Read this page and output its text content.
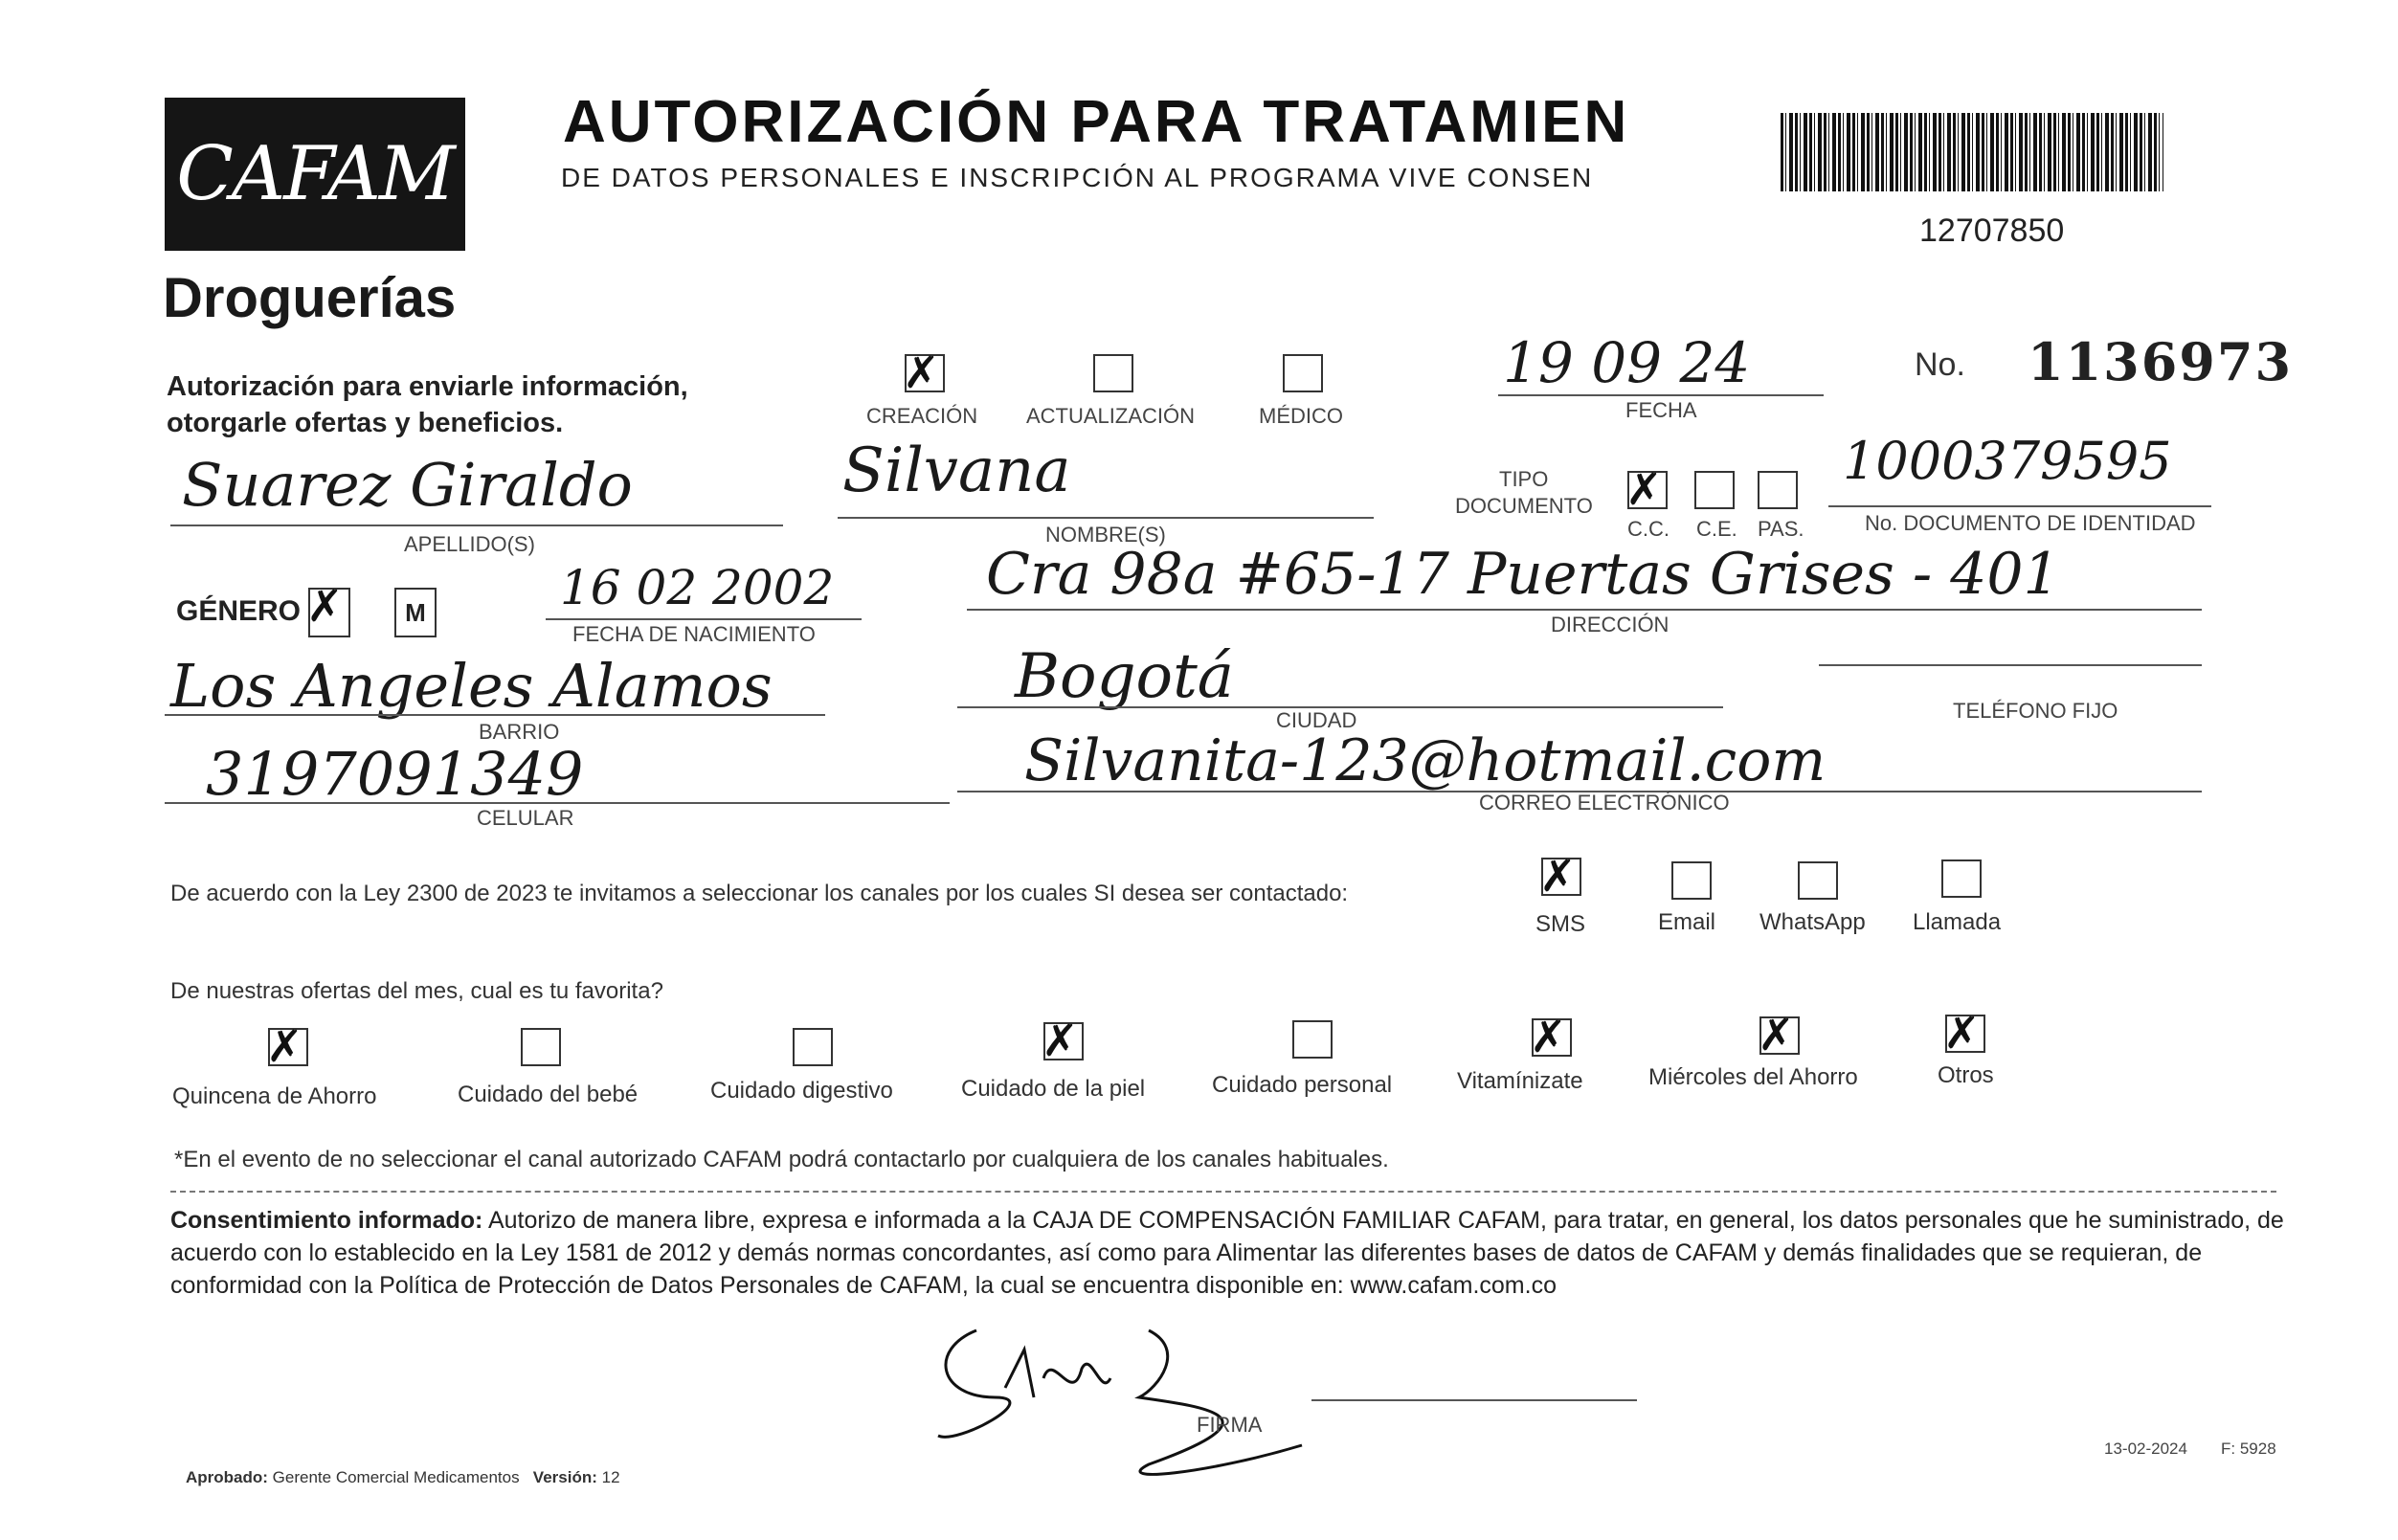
CAFAM
Droguerías
AUTORIZACIÓN PARA TRATAMIEN
DE DATOS PERSONALES E INSCRIPCIÓN AL PROGRAMA VIVE CONSEN
12707850
Autorización para enviarle información,
otorgarle ofertas y beneficios.
✗
CREACIÓN ACTUALIZACIÓN	MÉDICO
19 09 24
FECHA
No. 1136973
Suarez Giraldo
APELLIDO(S)
Silvana
NOMBRE(S)
TIPO
DOCUMENTO ✗
C.C. C.E. PAS.
1000379595
No. DOCUMENTO DE IDENTIDAD
GÉNERO ✗	M	16 02 2002
FECHA DE NACIMIENTO
Cra 98a #65-17 Puertas Grises - 401
DIRECCIÓN
Los Angeles Alamos
BARRIO
Bogotá
CIUDAD	TELÉFONO FIJO
3197091349
CELULAR
Silvanita-123@hotmail.com
CORREO ELECTRÓNICO
De acuerdo con la Ley 2300 de 2023 te invitamos a seleccionar los canales por los cuales SI desea ser contactado:	✗
SMS	Email WhatsApp Llamada
De nuestras ofertas del mes, cual es tu favorita?
✗
Quincena de Ahorro	Cuidado del bebé	Cuidado digestivo
✗
Cuidado de la piel	Cuidado personal
✗
Vitamínizate
✗
Miércoles del Ahorro
✗
Otros
*En el evento de no seleccionar el canal autorizado CAFAM podrá contactarlo por cualquiera de los canales habituales.
Consentimiento informado: Autorizo de manera libre, expresa e informada a la CAJA DE COMPENSACIÓN FAMILIAR CAFAM, para tratar, en general, los datos personales que he suministrado, de acuerdo con lo establecido en la Ley 1581 de 2012 y demás normas concordantes, así como para Alimentar las diferentes bases de datos de CAFAM y demás finalidades que se requieran, de conformidad con la Política de Protección de Datos Personales de CAFAM, la cual se encuentra disponible en: www.cafam.com.co
FIRMA
Aprobado: Gerente Comercial Medicamentos Versión: 12
13-02-2024 F: 5928
